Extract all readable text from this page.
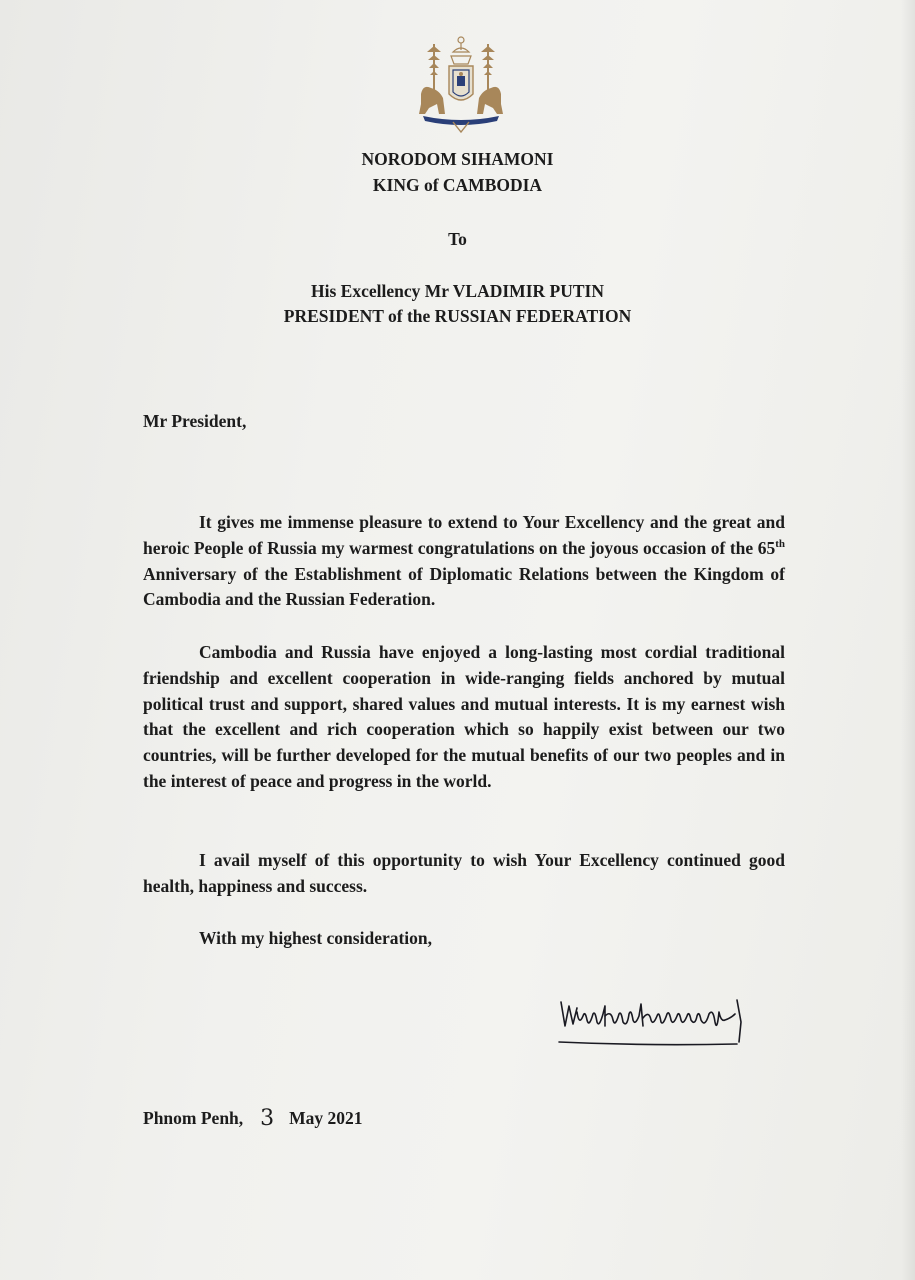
NORODOM SIHAMONI

KING of CAMBODIA

To

His Excellency Mr VLADIMIR PUTIN

PRESIDENT of the RUSSIAN FEDERATION

Mr President,

It gives me immense pleasure to extend to Your Excellency and the great and heroic People of Russia my warmest congratulations on the joyous occasion of the 65th Anniversary of the Establishment of Diplomatic Relations between the Kingdom of Cambodia and the Russian Federation.

Cambodia and Russia have enjoyed a long-lasting most cordial traditional friendship and excellent cooperation in wide-ranging fields anchored by mutual political trust and support, shared values and mutual interests. It is my earnest wish that the excellent and rich cooperation which so happily exist between our two countries, will be further developed for the mutual benefits of our two peoples and in the interest of peace and progress in the world.

I avail myself of this opportunity to wish Your Excellency continued good health, happiness and success.

With my highest consideration,

Phnom Penh, 3 May 2021
